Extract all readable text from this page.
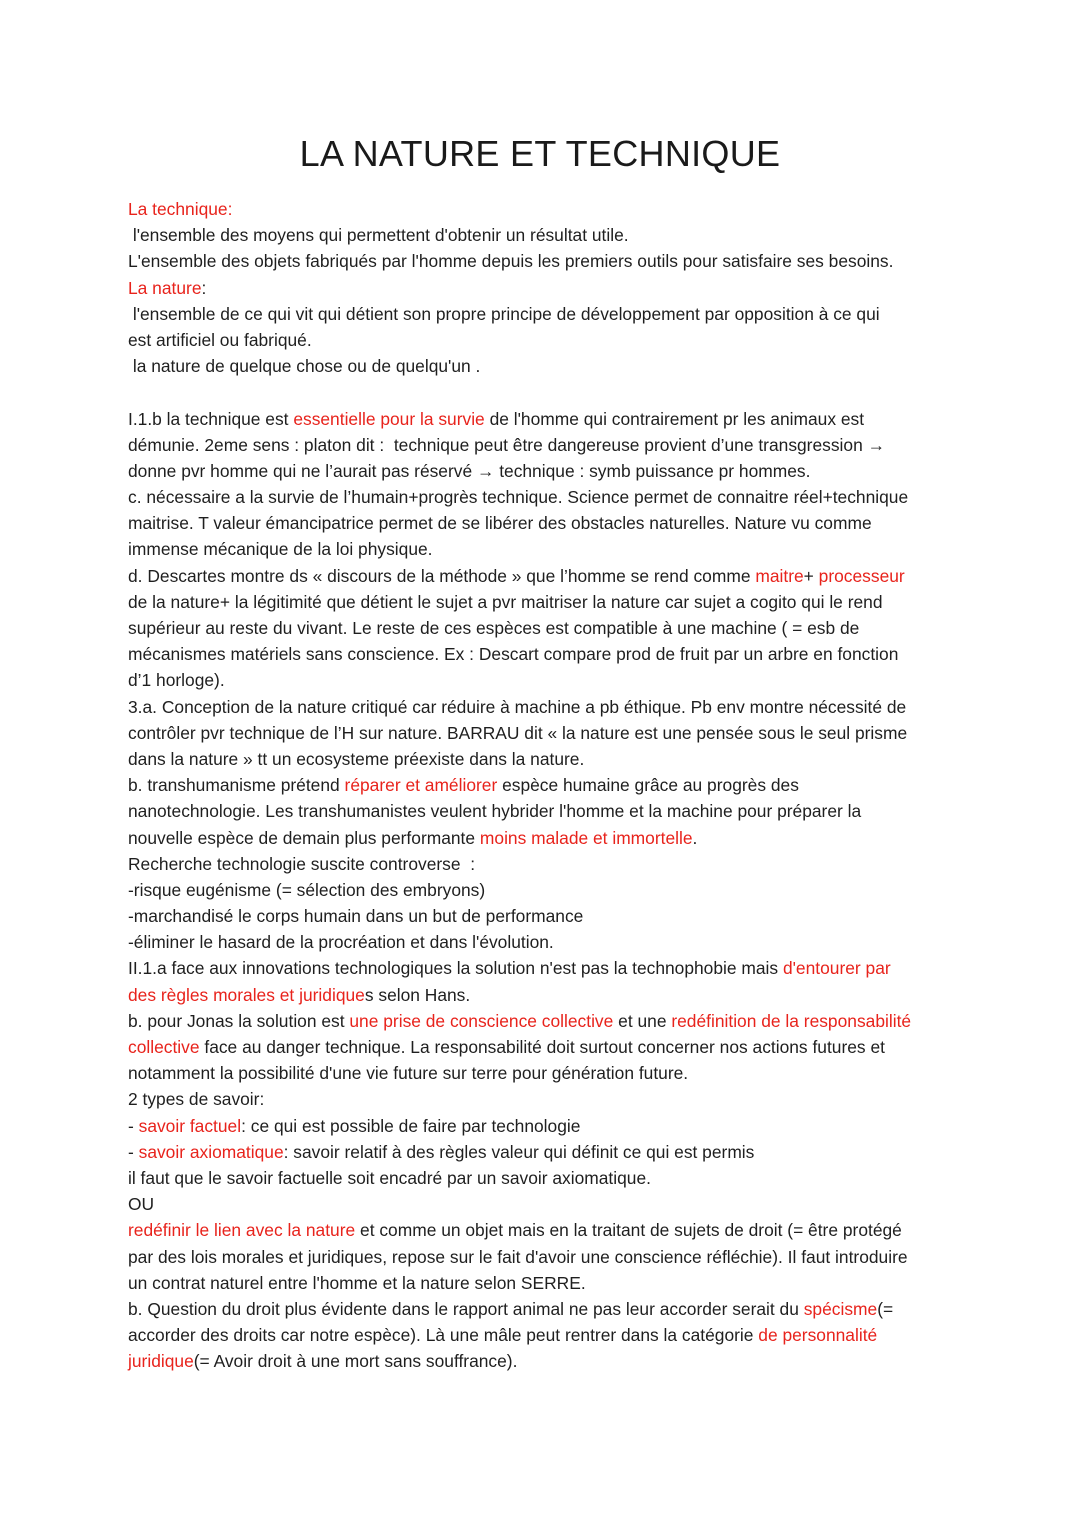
LA NATURE ET TECHNIQUE
La technique:
l'ensemble des moyens qui permettent d'obtenir un résultat utile.
L'ensemble des objets fabriqués par l'homme depuis les premiers outils pour satisfaire ses besoins.
La nature:
l'ensemble de ce qui vit qui détient son propre principe de développement par opposition à ce qui
est artificiel ou fabriqué.
la nature de quelque chose ou de quelqu'un .
I.1.b la technique est essentielle pour la survie de l'homme qui contrairement pr les animaux est
démunie. 2eme sens : platon dit :  technique peut être dangereuse provient d’une transgression →
donne pvr homme qui ne l’aurait pas réservé → technique : symb puissance pr hommes.
c. nécessaire a la survie de l’humain+progrès technique. Science permet de connaitre réel+technique
maitrise. T valeur émancipatrice permet de se libérer des obstacles naturelles. Nature vu comme
immense mécanique de la loi physique.
d. Descartes montre ds « discours de la méthode » que l’homme se rend comme maitre+ processeur
de la nature+ la légitimité que détient le sujet a pvr maitriser la nature car sujet a cogito qui le rend
supérieur au reste du vivant. Le reste de ces espèces est compatible à une machine ( = esb de
mécanismes matériels sans conscience. Ex : Descart compare prod de fruit par un arbre en fonction
d’1 horloge).
3.a. Conception de la nature critiqué car réduire à machine a pb éthique. Pb env montre nécessité de
contrôler pvr technique de l’H sur nature. BARRAU dit « la nature est une pensée sous le seul prisme
dans la nature » tt un ecosysteme préexiste dans la nature.
b. transhumanisme prétend réparer et améliorer espèce humaine grâce au progrès des
nanotechnologie. Les transhumanistes veulent hybrider l'homme et la machine pour préparer la
nouvelle espèce de demain plus performante moins malade et immortelle.
Recherche technologie suscite controverse  :
-risque eugénisme (= sélection des embryons)
-marchandisé le corps humain dans un but de performance
-éliminer le hasard de la procréation et dans l'évolution.
II.1.a face aux innovations technologiques la solution n'est pas la technophobie mais d'entourer par
des règles morales et juridiques selon Hans.
b. pour Jonas la solution est une prise de conscience collective et une redéfinition de la responsabilité
collective face au danger technique. La responsabilité doit surtout concerner nos actions futures et
notamment la possibilité d'une vie future sur terre pour génération future.
2 types de savoir:
- savoir factuel: ce qui est possible de faire par technologie
- savoir axiomatique: savoir relatif à des règles valeur qui définit ce qui est permis
il faut que le savoir factuelle soit encadré par un savoir axiomatique.
OU
redéfinir le lien avec la nature et comme un objet mais en la traitant de sujets de droit (= être protégé
par des lois morales et juridiques, repose sur le fait d'avoir une conscience réfléchie). Il faut introduire
un contrat naturel entre l'homme et la nature selon SERRE.
b. Question du droit plus évidente dans le rapport animal ne pas leur accorder serait du spécisme(=
accorder des droits car notre espèce). Là une mâle peut rentrer dans la catégorie de personnalité
juridique(= Avoir droit à une mort sans souffrance).
